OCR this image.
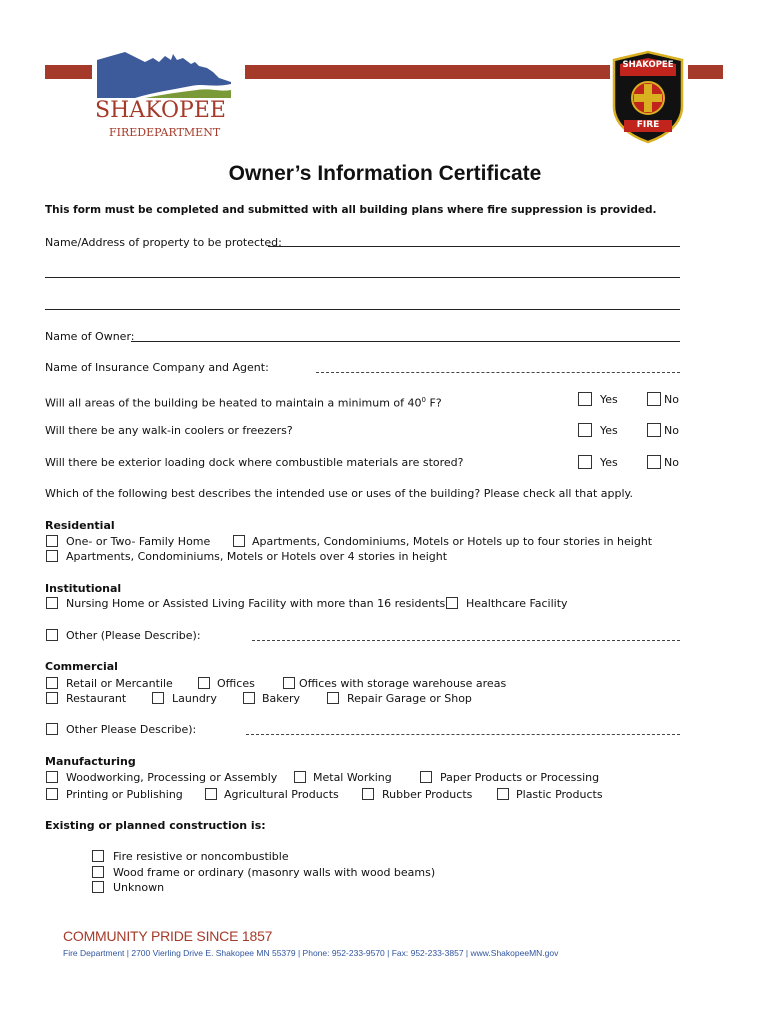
SHAKOPEE
FIREDEPARTMENT
SHAKOPEE
FIRE
Owner’s Information Certificate
This form must be completed and submitted with all building plans where fire suppression is provided.
Name/Address of property to be protected:
Name of Owner:
Name of Insurance Company and Agent:
Will all areas of the building be heated to maintain a minimum of $40^0$ F?	Yes	No
Will there be any walk-in coolers or freezers?	Yes	No
Will there be exterior loading dock where combustible materials are stored?	Yes	No
Which of the following best describes the intended use or uses of the building? Please check all that apply.
Residential
One- or Two- Family Home	Apartments, Condominiums, Motels or Hotels up to four stories in height
Apartments, Condominiums, Motels or Hotels over 4 stories in height
Institutional
Nursing Home or Assisted Living Facility with more than 16 residents Healthcare Facility
Other (Please Describe):
Commercial
Retail or Mercantile	Offices	Offices with storage warehouse areas
Restaurant	Laundry	Bakery	Repair Garage or Shop
Other Please Describe):
Manufacturing
Woodworking, Processing or Assembly	Metal Working	Paper Products or Processing
Printing or Publishing	Agricultural Products	Rubber Products	Plastic Products
Existing or planned construction is:
Fire resistive or noncombustible
Wood frame or ordinary (masonry walls with wood beams)
Unknown
COMMUNITY PRIDE SINCE 1857
Fire Department | 2700 Vierling Drive E. Shakopee MN 55379 | Phone: 952-233-9570 | Fax: 952-233-3857 | www.ShakopeeMN.gov
